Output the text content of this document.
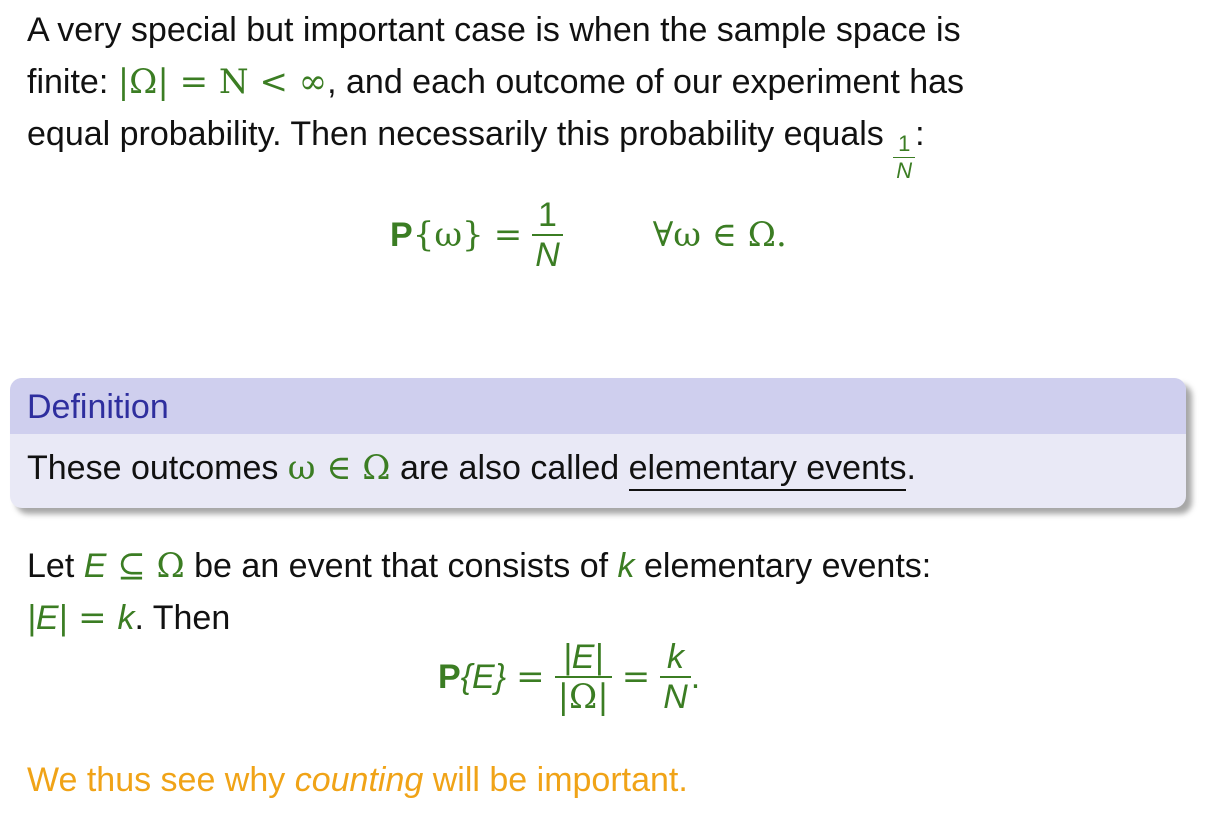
A very special but important case is when the sample space is
finite: |Ω| = N < ∞, and each outcome of our experiment has
equal probability. Then necessarily this probability equals $\frac{1}{N}$ :
P $\{\omega\} = \frac{1}{N}$	∀ω ∈ Ω.
Definition
These outcomes ω ∈ Ω are also called elementary events.
Let E ⊆ Ω be an event that consists of k elementary events:
|E| = k. Then
P $\{E\} = \frac{|E|}{|\Omega|} = \frac{k}{N}$ .
We thus see why counting will be important.
